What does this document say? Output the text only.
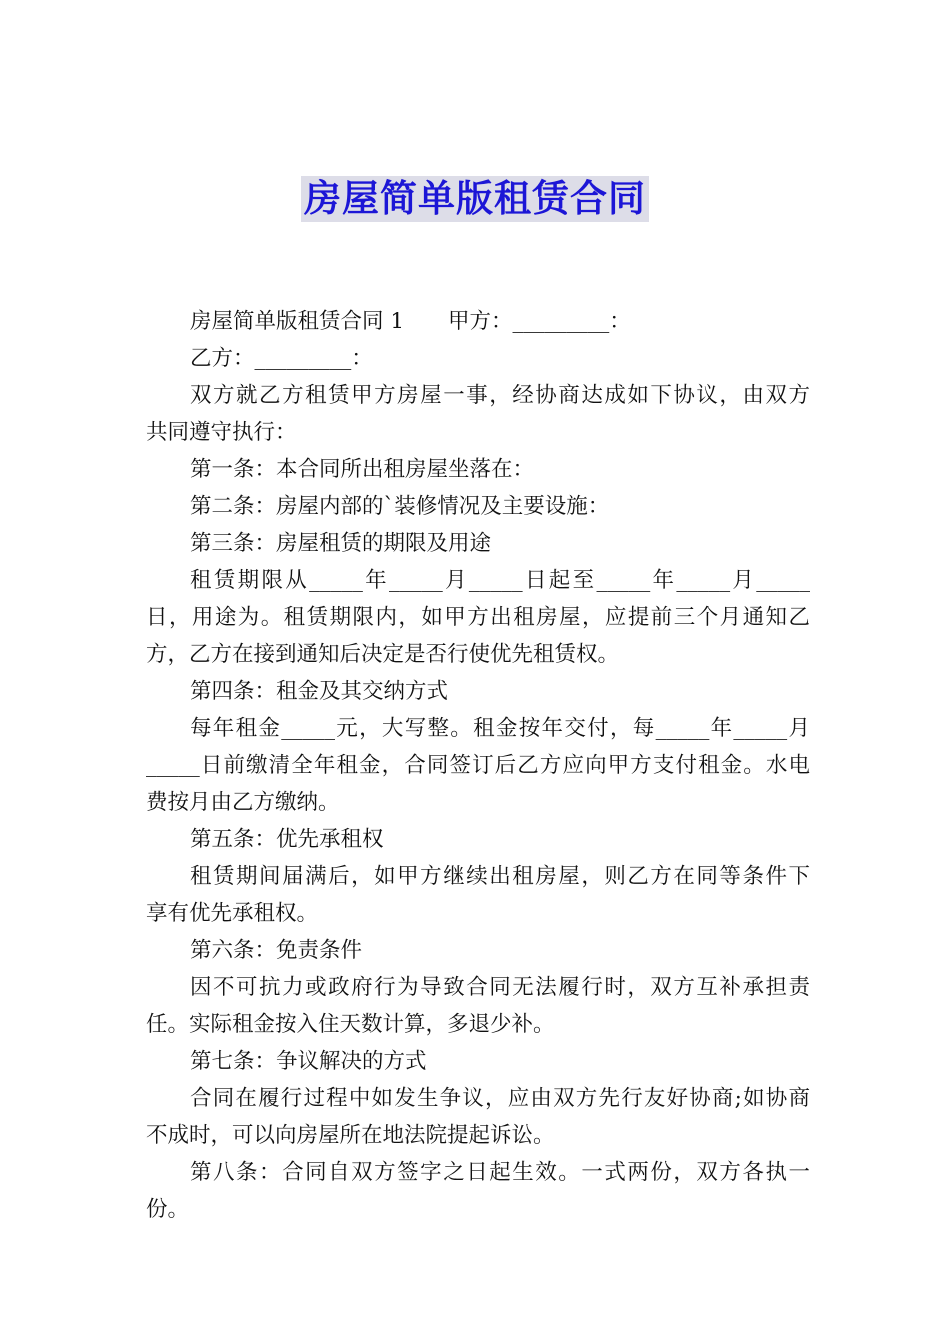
房屋简单版租赁合同

房屋简单版租赁合同 1 甲方：_________：

乙方：_________：

双方就乙方租赁甲方房屋一事，经协商达成如下协议，由双方

共同遵守执行：

第一条：本合同所出租房屋坐落在：

第二条：房屋内部的`装修情况及主要设施：

第三条：房屋租赁的期限及用途

租赁期限从_____年_____月_____日起至_____年_____月_____

日，用途为。租赁期限内，如甲方出租房屋，应提前三个月通知乙

方，乙方在接到通知后决定是否行使优先租赁权。

第四条：租金及其交纳方式

每年租金_____元，大写整。租金按年交付，每_____年_____月

_____日前缴清全年租金，合同签订后乙方应向甲方支付租金。水电

费按月由乙方缴纳。

第五条：优先承租权

租赁期间届满后，如甲方继续出租房屋，则乙方在同等条件下

享有优先承租权。

第六条：免责条件

因不可抗力或政府行为导致合同无法履行时，双方互补承担责

任。实际租金按入住天数计算，多退少补。

第七条：争议解决的方式

合同在履行过程中如发生争议，应由双方先行友好协商;如协商

不成时，可以向房屋所在地法院提起诉讼。

第八条：合同自双方签字之日起生效。一式两份，双方各执一

份。
